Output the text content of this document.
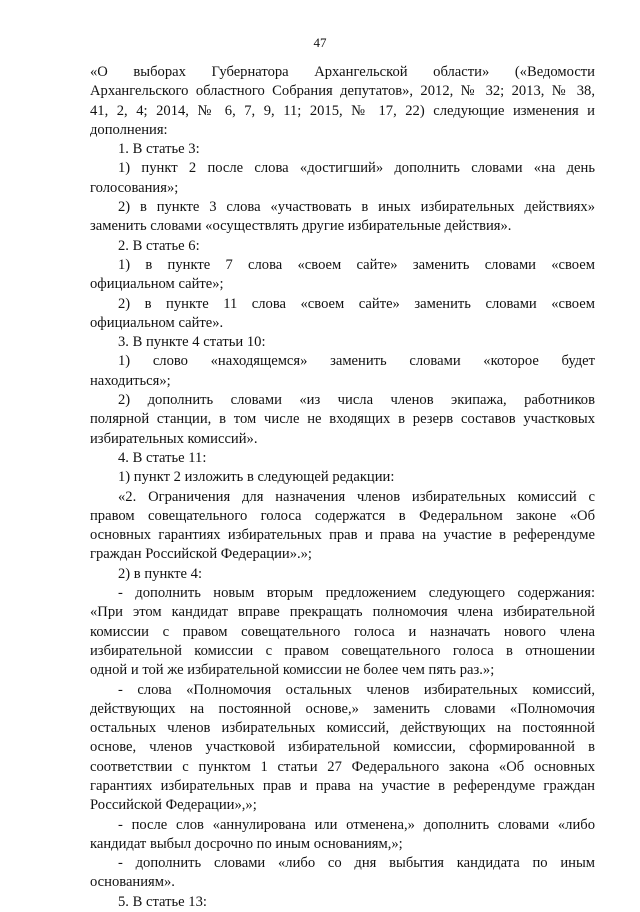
47
«О выборах Губернатора Архангельской области» («Ведомости
Архангельского областного Собрания депутатов», 2012, № 32; 2013, № 38,
41, 2, 4; 2014, № 6, 7, 9, 11; 2015, № 17, 22) следующие изменения и
дополнения:
1. В статье 3:
1) пункт 2 после слова «достигший» дополнить словами «на день
голосования»;
2) в пункте 3 слова «участвовать в иных избирательных действиях»
заменить словами «осуществлять другие избирательные действия».
2. В статье 6:
1) в пункте 7 слова «своем сайте» заменить словами «своем
официальном сайте»;
2) в пункте 11 слова «своем сайте» заменить словами «своем
официальном сайте».
3. В пункте 4 статьи 10:
1) слово «находящемся» заменить словами «которое будет
находиться»;
2) дополнить словами «из числа членов экипажа, работников
полярной станции, в том числе не входящих в резерв составов участковых
избирательных комиссий».
4. В статье 11:
1) пункт 2 изложить в следующей редакции:
«2. Ограничения для назначения членов избирательных комиссий с
правом совещательного голоса содержатся в Федеральном законе «Об
основных гарантиях избирательных прав и права на участие в референдуме
граждан Российской Федерации».»;
2) в пункте 4:
- дополнить новым вторым предложением следующего содержания:
«При этом кандидат вправе прекращать полномочия члена избирательной
комиссии с правом совещательного голоса и назначать нового члена
избирательной комиссии с правом совещательного голоса в отношении
одной и той же избирательной комиссии не более чем пять раз.»;
- слова «Полномочия остальных членов избирательных комиссий,
действующих на постоянной основе,» заменить словами «Полномочия
остальных членов избирательных комиссий, действующих на постоянной
основе, членов участковой избирательной комиссии, сформированной в
соответствии с пунктом 1 статьи 27 Федерального закона «Об основных
гарантиях избирательных прав и права на участие в референдуме граждан
Российской Федерации»,»;
- после слов «аннулирована или отменена,» дополнить словами «либо
кандидат выбыл досрочно по иным основаниям,»;
- дополнить словами «либо со дня выбытия кандидата по иным
основаниям».
5. В статье 13:
